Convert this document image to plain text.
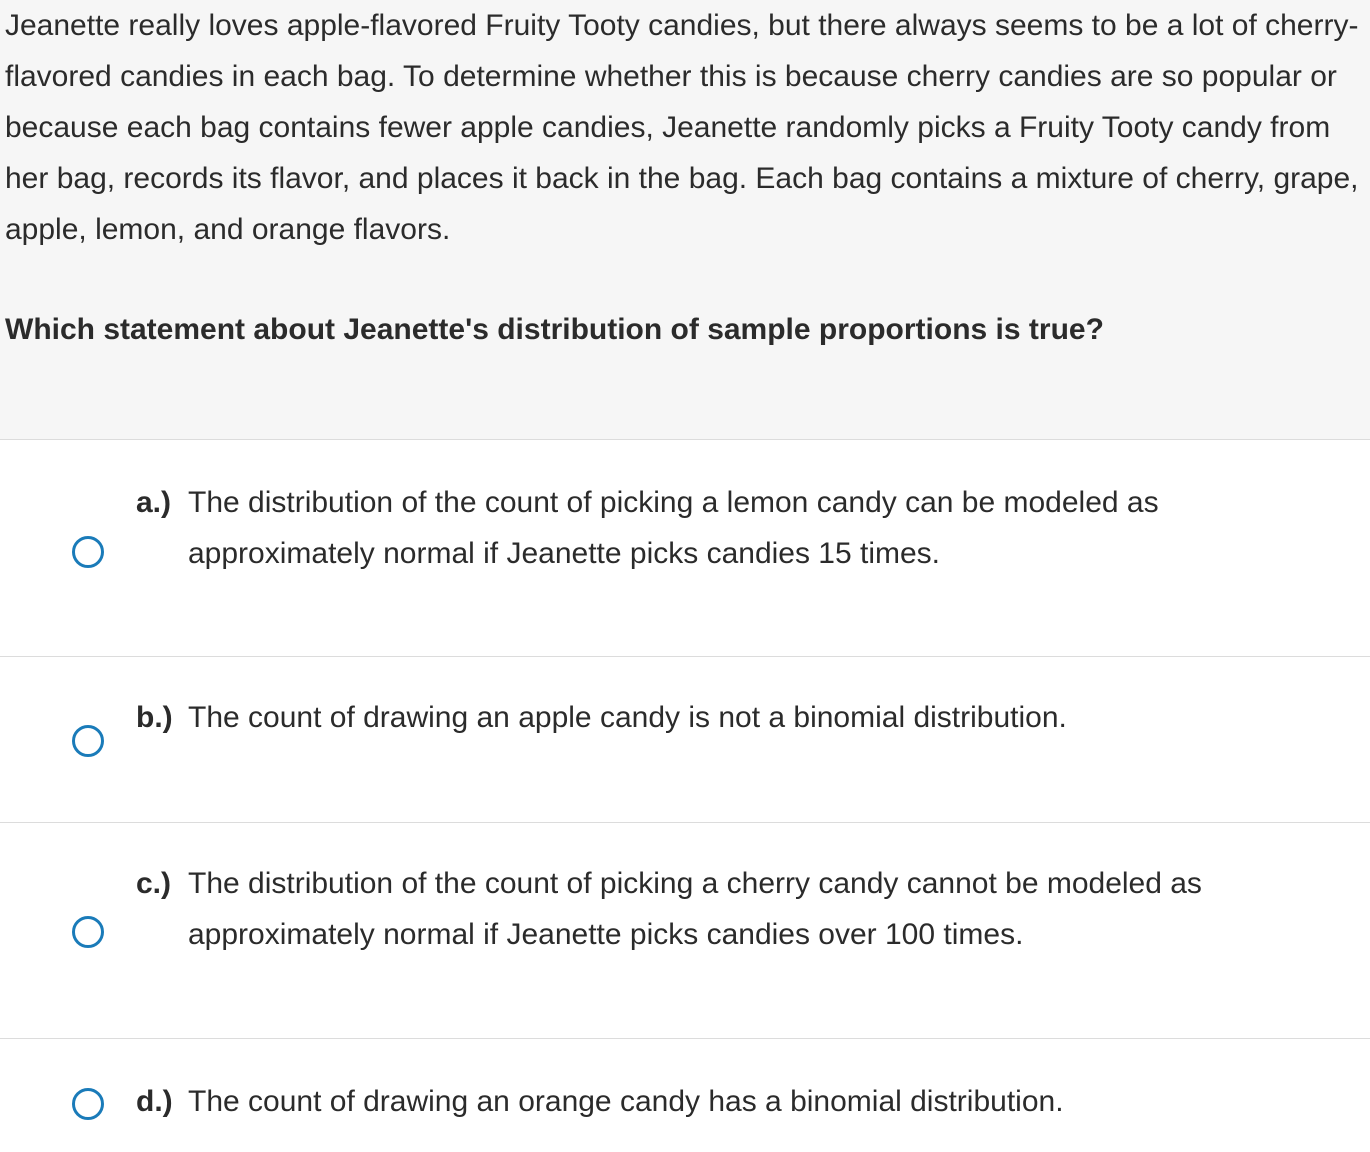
Jeanette really loves apple-flavored Fruity Tooty candies, but there always seems to be a lot of cherry-flavored candies in each bag. To determine whether this is because cherry candies are so popular or because each bag contains fewer apple candies, Jeanette randomly picks a Fruity Tooty candy from her bag, records its flavor, and places it back in the bag. Each bag contains a mixture of cherry, grape, apple, lemon, and orange flavors.

Which statement about Jeanette's distribution of sample proportions is true?

a.) The distribution of the count of picking a lemon candy can be modeled as approximately normal if Jeanette picks candies 15 times.
b.) The count of drawing an apple candy is not a binomial distribution.
c.) The distribution of the count of picking a cherry candy cannot be modeled as approximately normal if Jeanette picks candies over 100 times.
d.) The count of drawing an orange candy has a binomial distribution.
